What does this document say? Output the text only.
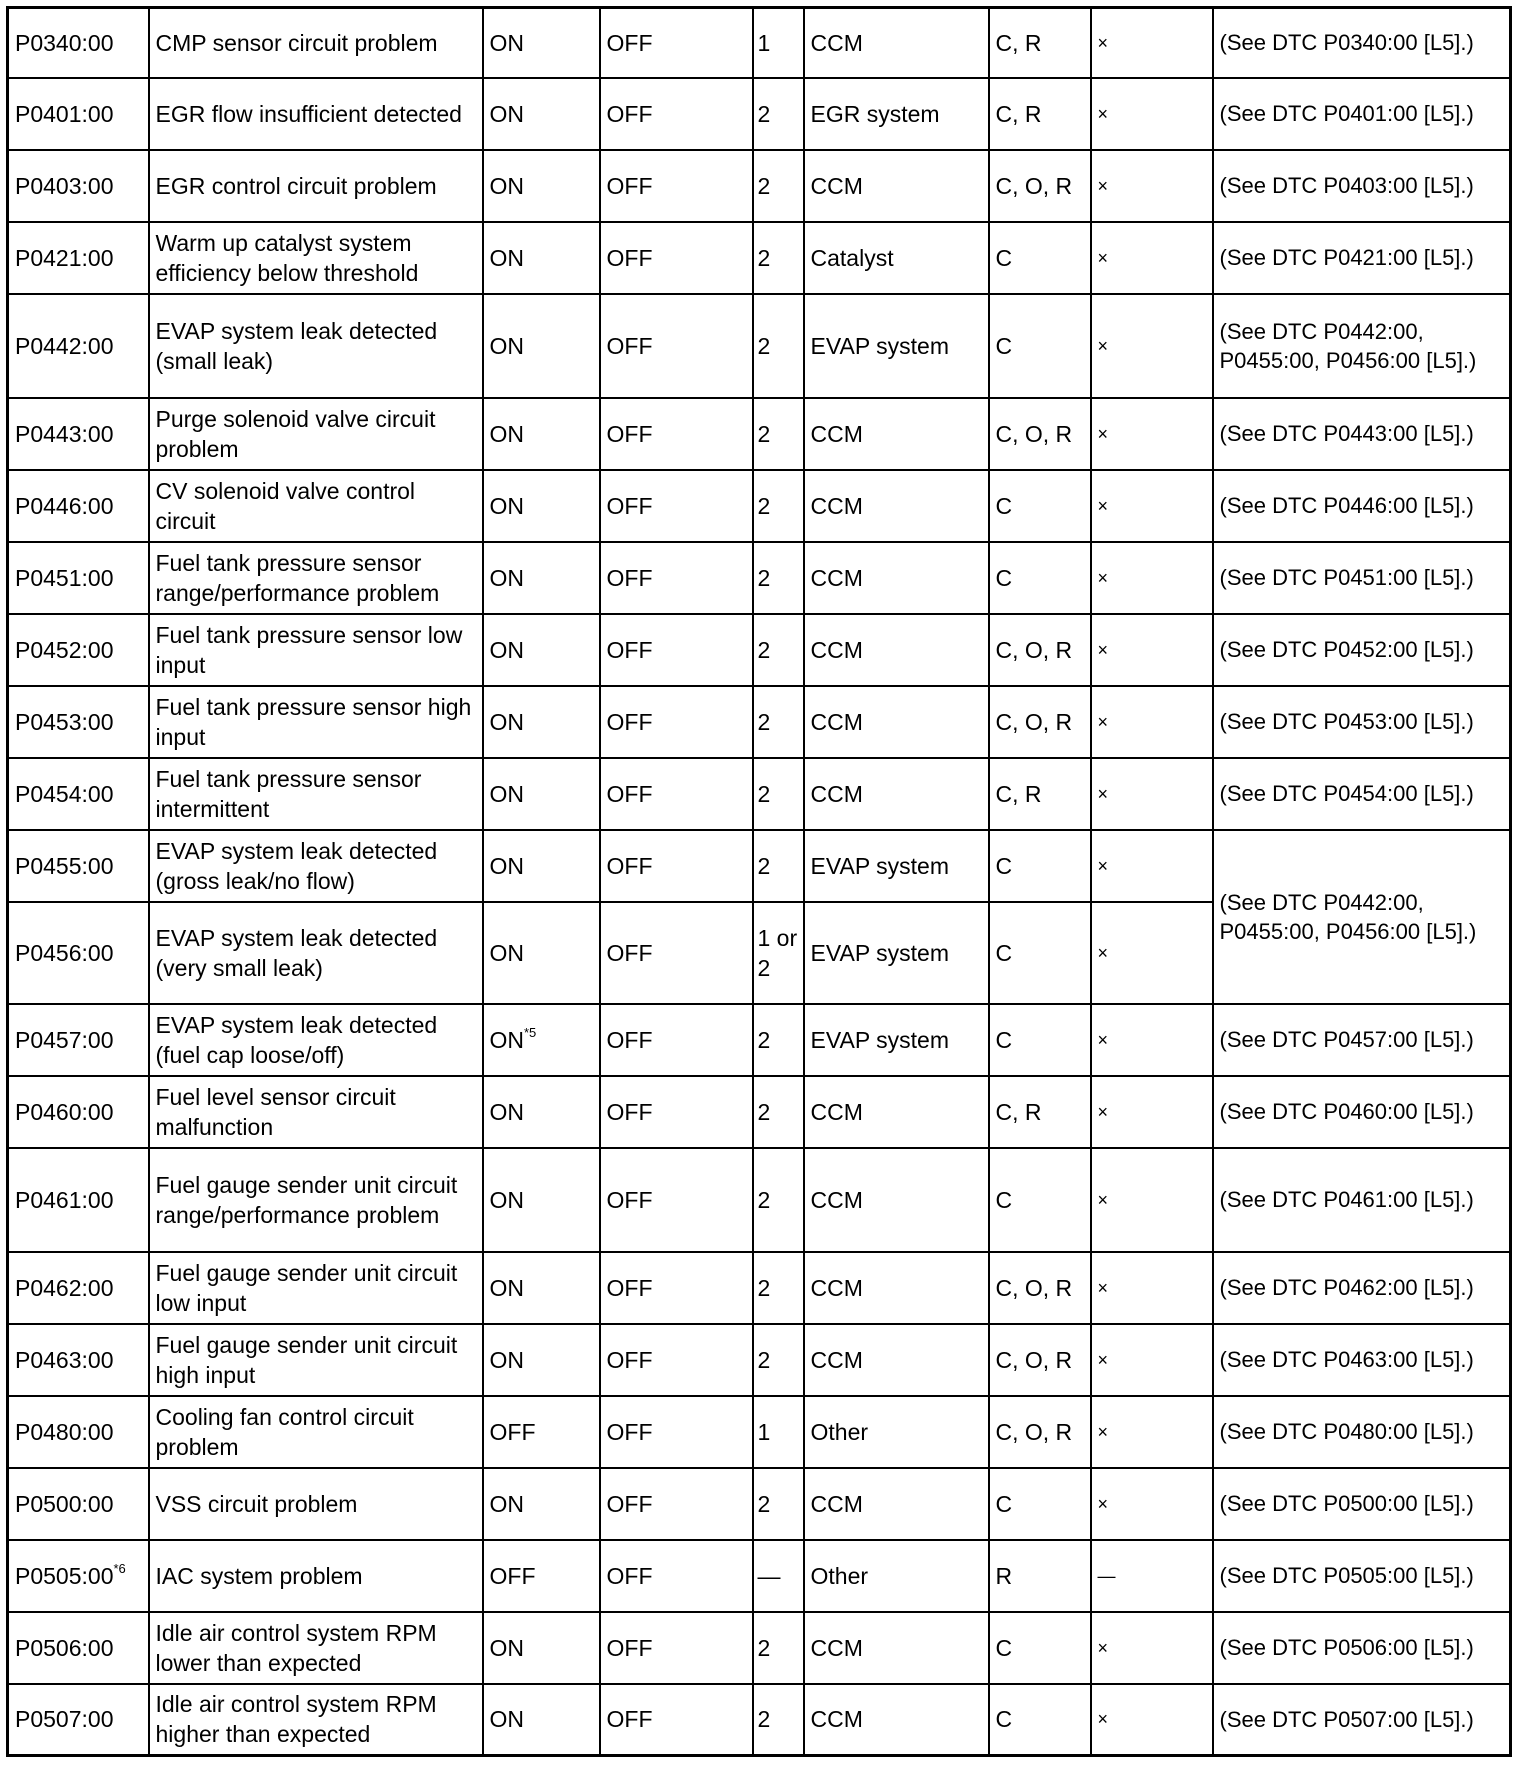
P0340:00	CMP sensor circuit problem	ON	OFF	1	CCM	C, R	×	(See DTC P0340:00 [L5].)
P0401:00	EGR flow insufficient detected	ON	OFF	2	EGR system	C, R	×	(See DTC P0401:00 [L5].)
P0403:00	EGR control circuit problem	ON	OFF	2	CCM	C, O, R	×	(See DTC P0403:00 [L5].)
P0421:00	Warm up catalyst system efficiency below threshold	ON	OFF	2	Catalyst	C	×	(See DTC P0421:00 [L5].)
P0442:00	EVAP system leak detected (small leak)	ON	OFF	2	EVAP system	C	×	(See DTC P0442:00, P0455:00, P0456:00 [L5].)
P0443:00	Purge solenoid valve circuit problem	ON	OFF	2	CCM	C, O, R	×	(See DTC P0443:00 [L5].)
P0446:00	CV solenoid valve control circuit	ON	OFF	2	CCM	C	×	(See DTC P0446:00 [L5].)
P0451:00	Fuel tank pressure sensor range/performance problem	ON	OFF	2	CCM	C	×	(See DTC P0451:00 [L5].)
P0452:00	Fuel tank pressure sensor low input	ON	OFF	2	CCM	C, O, R	×	(See DTC P0452:00 [L5].)
P0453:00	Fuel tank pressure sensor high input	ON	OFF	2	CCM	C, O, R	×	(See DTC P0453:00 [L5].)
P0454:00	Fuel tank pressure sensor intermittent	ON	OFF	2	CCM	C, R	×	(See DTC P0454:00 [L5].)
P0455:00	EVAP system leak detected (gross leak/no flow)	ON	OFF	2	EVAP system	C	×	(See DTC P0442:00, P0455:00, P0456:00 [L5].)
P0456:00	EVAP system leak detected (very small leak)	ON	OFF	1 or 2	EVAP system	C	×	
P0457:00	EVAP system leak detected (fuel cap loose/off)	ON$^{*5}$	OFF	2	EVAP system	C	×	(See DTC P0457:00 [L5].)
P0460:00	Fuel level sensor circuit malfunction	ON	OFF	2	CCM	C, R	×	(See DTC P0460:00 [L5].)
P0461:00	Fuel gauge sender unit circuit range/performance problem	ON	OFF	2	CCM	C	×	(See DTC P0461:00 [L5].)
P0462:00	Fuel gauge sender unit circuit low input	ON	OFF	2	CCM	C, O, R	×	(See DTC P0462:00 [L5].)
P0463:00	Fuel gauge sender unit circuit high input	ON	OFF	2	CCM	C, O, R	×	(See DTC P0463:00 [L5].)
P0480:00	Cooling fan control circuit problem	OFF	OFF	1	Other	C, O, R	×	(See DTC P0480:00 [L5].)
P0500:00	VSS circuit problem	ON	OFF	2	CCM	C	×	(See DTC P0500:00 [L5].)
P0505:00$^{*6}$	IAC system problem	OFF	OFF	—	Other	R	—	(See DTC P0505:00 [L5].)
P0506:00	Idle air control system RPM lower than expected	ON	OFF	2	CCM	C	×	(See DTC P0506:00 [L5].)
P0507:00	Idle air control system RPM higher than expected	ON	OFF	2	CCM	C	×	(See DTC P0507:00 [L5].)
